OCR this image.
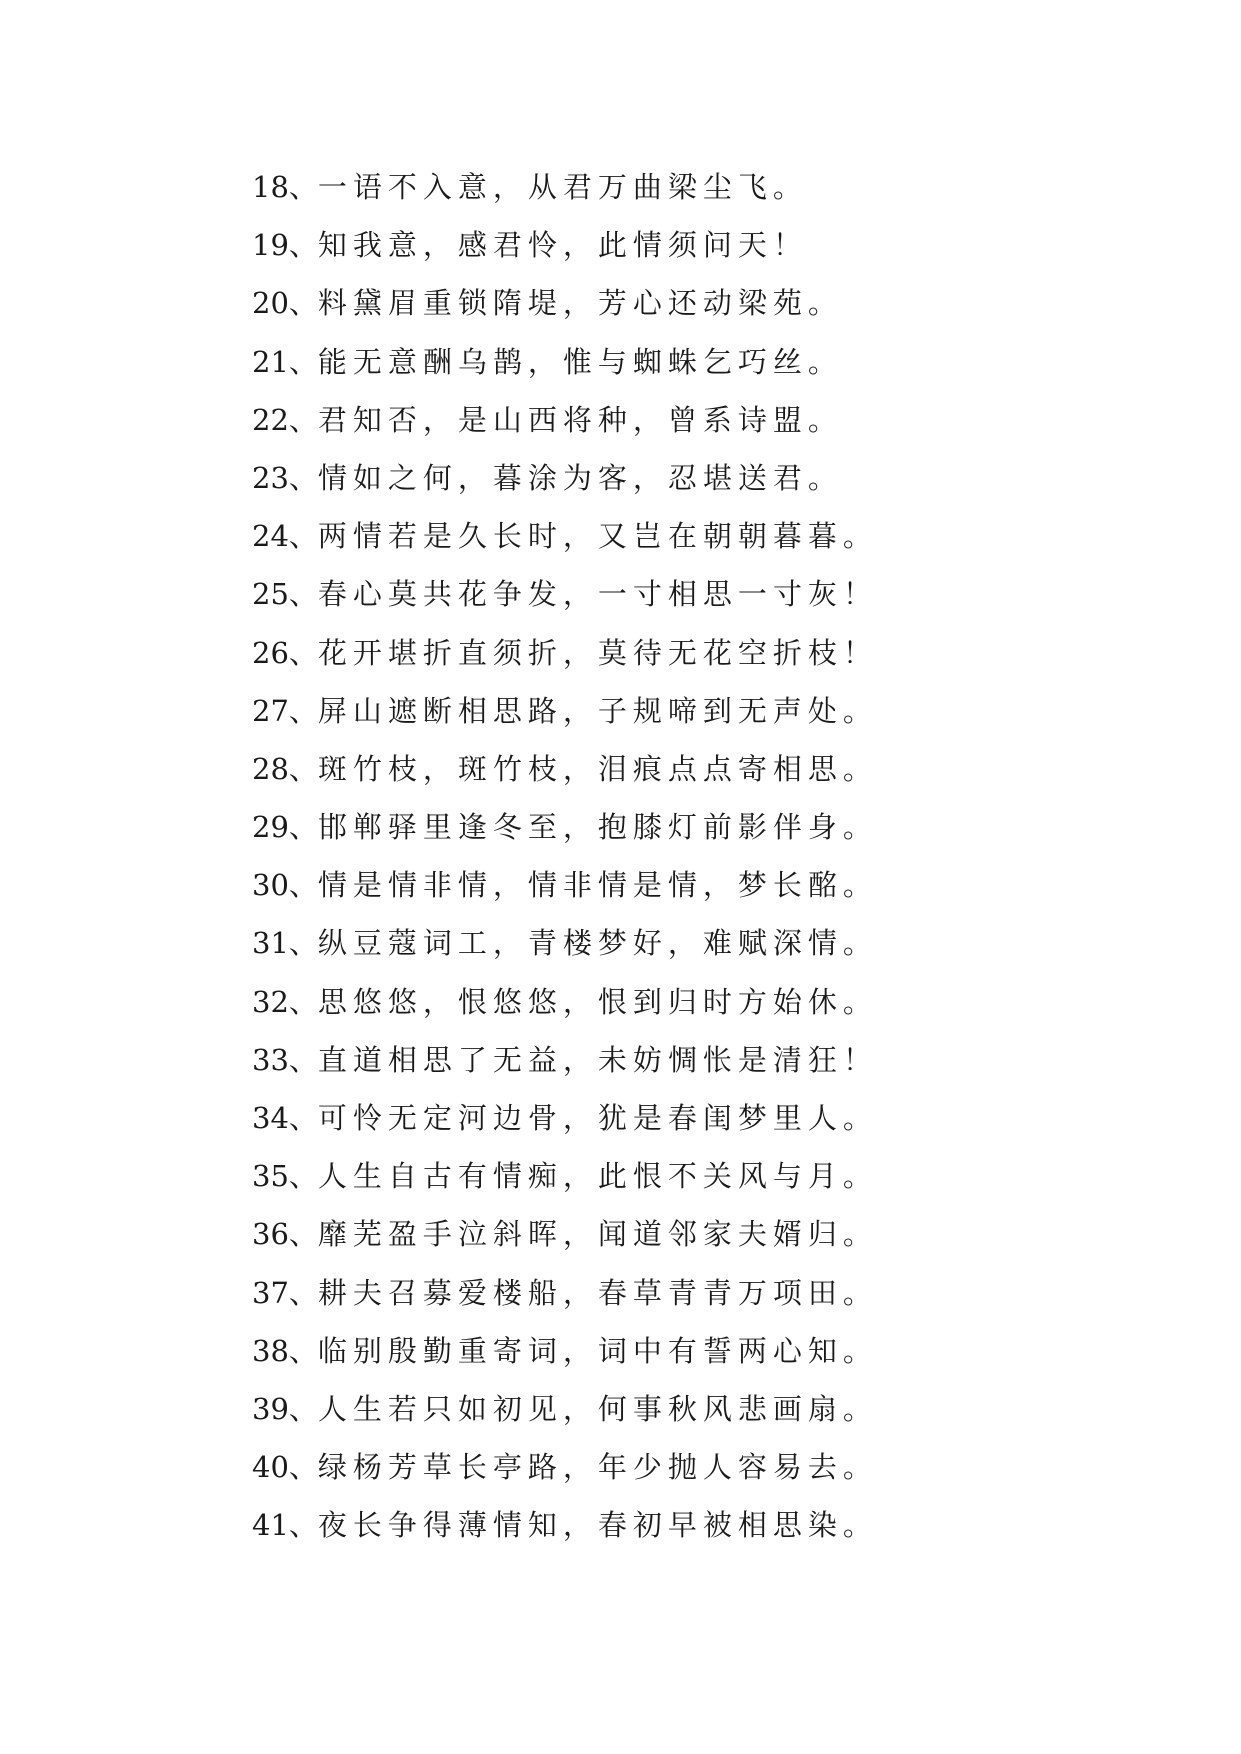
18、一语不入意，从君万曲梁尘飞。
19、知我意，感君怜，此情须问天！
20、料黛眉重锁隋堤，芳心还动梁苑。
21、能无意酬乌鹊，惟与蜘蛛乞巧丝。
22、君知否，是山西将种，曾系诗盟。
23、情如之何，暮涂为客，忍堪送君。
24、两情若是久长时，又岂在朝朝暮暮。
25、春心莫共花争发，一寸相思一寸灰！
26、花开堪折直须折，莫待无花空折枝！
27、屏山遮断相思路，子规啼到无声处。
28、斑竹枝，斑竹枝，泪痕点点寄相思。
29、邯郸驿里逢冬至，抱膝灯前影伴身。
30、情是情非情，情非情是情，梦长酩。
31、纵豆蔻词工，青楼梦好，难赋深情。
32、思悠悠，恨悠悠，恨到归时方始休。
33、直道相思了无益，未妨惆怅是清狂！
34、可怜无定河边骨，犹是春闺梦里人。
35、人生自古有情痴，此恨不关风与月。
36、靡芜盈手泣斜晖，闻道邻家夫婿归。
37、耕夫召募爱楼船，春草青青万项田。
38、临别殷勤重寄词，词中有誓两心知。
39、人生若只如初见，何事秋风悲画扇。
40、绿杨芳草长亭路，年少抛人容易去。
41、夜长争得薄情知，春初早被相思染。
